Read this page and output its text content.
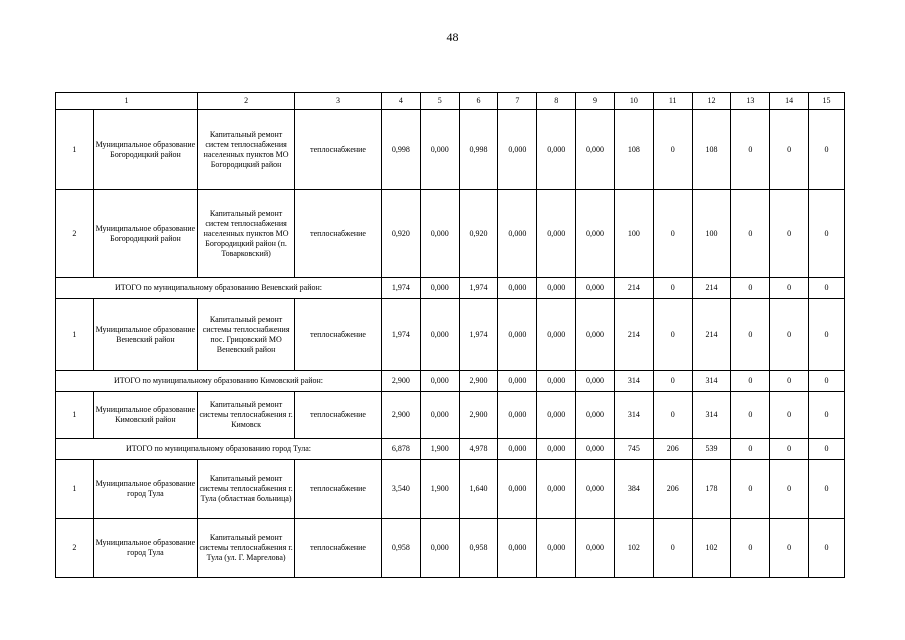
48
1		2	3	4	5	6	7	8	9	10	11	12	13	14	15
1	Муниципальное образование Богородицкий район	Капитальный ремонт систем теплоснабжения населенных пунктов МО Богородицкий район	теплоснабжение	0,998	0,000	0,998	0,000	0,000	0,000	108	0	108	0	0	0
2	Муниципальное образование Богородицкий район	Капитальный ремонт систем теплоснабжения населенных пунктов МО Богородицкий район (п. Товарковский)	теплоснабжение	0,920	0,000	0,920	0,000	0,000	0,000	100	0	100	0	0	0
ИТОГО по муниципальному образованию Веневский район:				1,974	0,000	1,974	0,000	0,000	0,000	214	0	214	0	0	0
1	Муниципальное образование Веневский район	Капитальный ремонт системы теплоснабжения пос. Грицовский МО Веневский район	теплоснабжение	1,974	0,000	1,974	0,000	0,000	0,000	214	0	214	0	0	0
ИТОГО по муниципальному образованию Кимовский район:				2,900	0,000	2,900	0,000	0,000	0,000	314	0	314	0	0	0
1	Муниципальное образование Кимовский район	Капитальный ремонт системы теплоснабжения г. Кимовск	теплоснабжение	2,900	0,000	2,900	0,000	0,000	0,000	314	0	314	0	0	0
ИТОГО по муниципальному образованию город Тула:				6,878	1,900	4,978	0,000	0,000	0,000	745	206	539	0	0	0
1	Муниципальное образование город Тула	Капитальный ремонт системы теплоснабжения г. Тула (областная больница)	теплоснабжение	3,540	1,900	1,640	0,000	0,000	0,000	384	206	178	0	0	0
2	Муниципальное образование город Тула	Капитальный ремонт системы теплоснабжения г. Тула (ул. Г. Маргелова)	теплоснабжение	0,958	0,000	0,958	0,000	0,000	0,000	102	0	102	0	0	0
